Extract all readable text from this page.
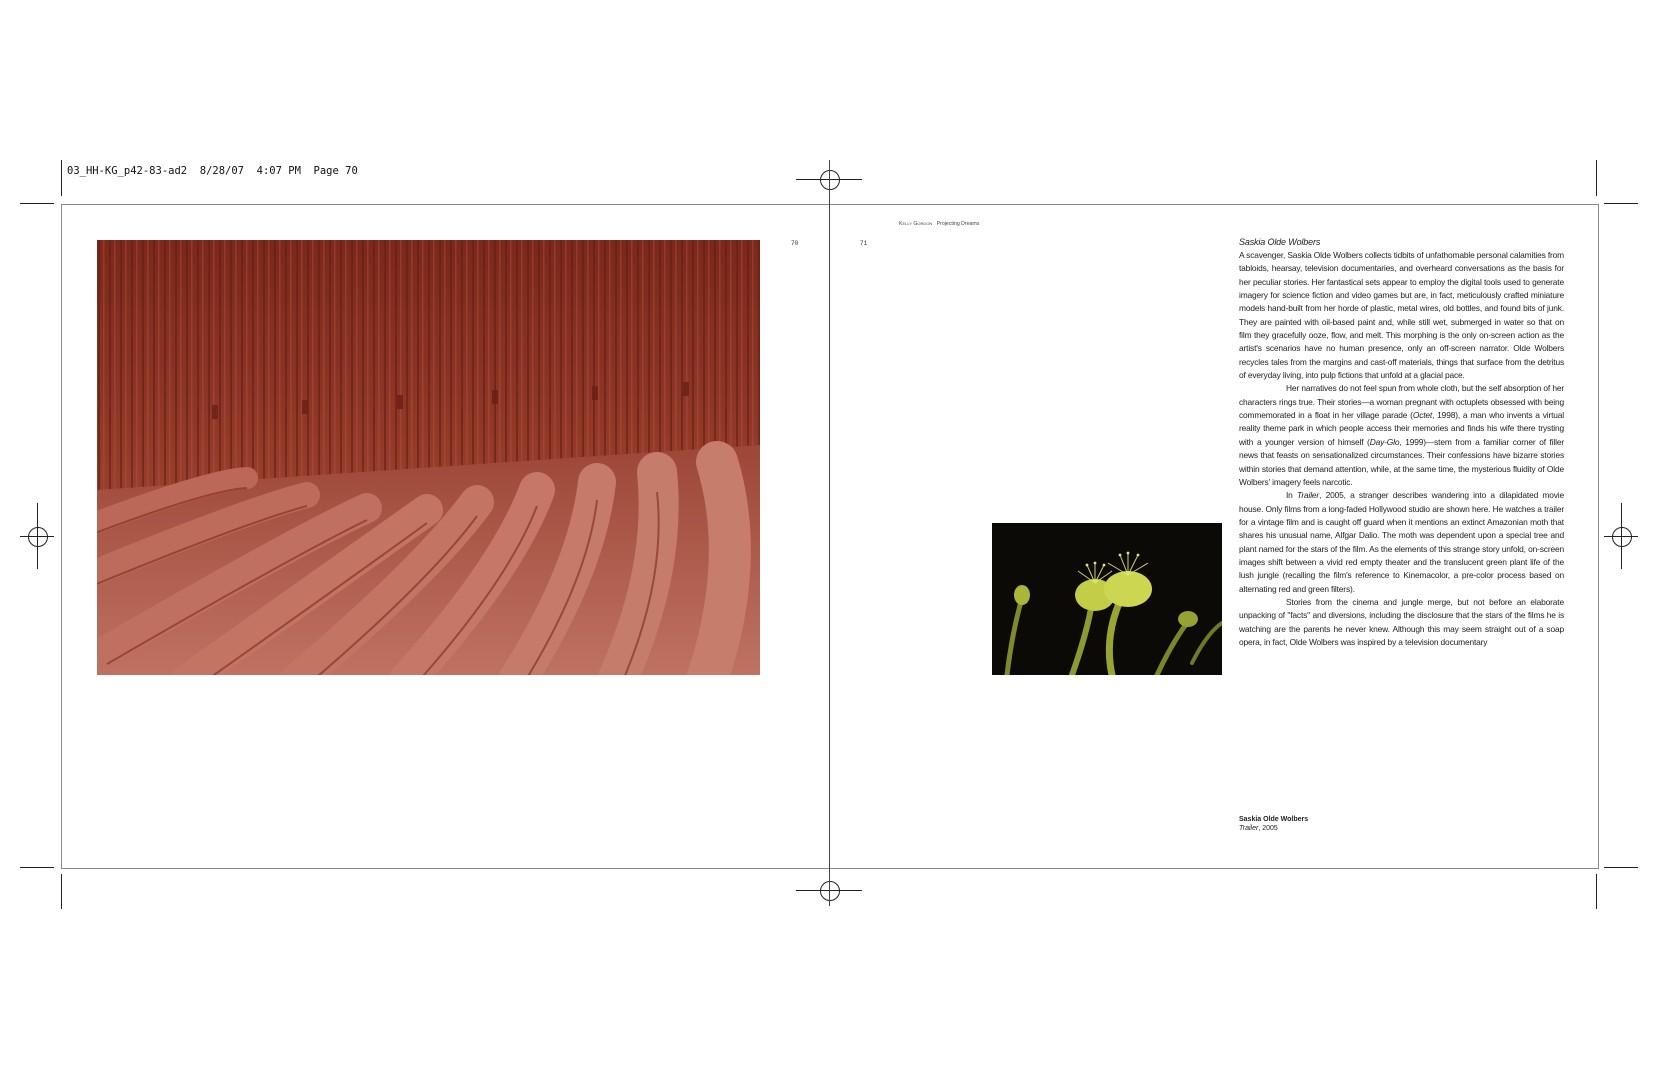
03_HH-KG_p42-83-ad2  8/28/07  4:07 PM  Page 70
70	71
Kelly Gordon Projecting Dreams

Saskia Olde Wolbers

A scavenger, Saskia Olde Wolbers collects tidbits of unfathomable personal calamities from tabloids, hearsay, television documentaries, and overheard conversations as the basis for her peculiar stories. Her fantastical sets appear to employ the digital tools used to generate imagery for science fiction and video games but are, in fact, meticulously crafted miniature models hand-built from her horde of plastic, metal wires, old bottles, and found bits of junk. They are painted with oil-based paint and, while still wet, submerged in water so that on film they gracefully ooze, flow, and melt. This morphing is the only on-screen action as the artist's scenarios have no human presence, only an off-screen narrator. Olde Wolbers recycles tales from the margins and cast-off materials, things that surface from the detritus of everyday living, into pulp fictions that unfold at a glacial pace.

Her narratives do not feel spun from whole cloth, but the self absorption of her characters rings true. Their stories—a woman pregnant with octuplets obsessed with being commemorated in a float in her village parade (Octet, 1998), a man who invents a virtual reality theme park in which people access their memories and finds his wife there trysting with a younger version of himself (Day-Glo, 1999)—stem from a familiar corner of filler news that feasts on sensationalized circumstances. Their confessions have bizarre stories within stories that demand attention, while, at the same time, the mysterious fluidity of Olde Wolbers' imagery feels narcotic.

In Trailer, 2005, a stranger describes wandering into a dilapidated movie house. Only films from a long-faded Hollywood studio are shown here. He watches a trailer for a vintage film and is caught off guard when it mentions an extinct Amazonian moth that shares his unusual name, Alfgar Dalio. The moth was dependent upon a special tree and plant named for the stars of the film. As the elements of this strange story unfold, on-screen images shift between a vivid red empty theater and the translucent green plant life of the lush jungle (recalling the film's reference to Kinemacolor, a pre-color process based on alternating red and green filters).

Stories from the cinema and jungle merge, but not before an elaborate unpacking of "facts" and diversions, including the disclosure that the stars of the films he is watching are the parents he never knew. Although this may seem straight out of a soap opera, in fact, Olde Wolbers was inspired by a television documentary

Saskia Olde Wolbers
Trailer, 2005
